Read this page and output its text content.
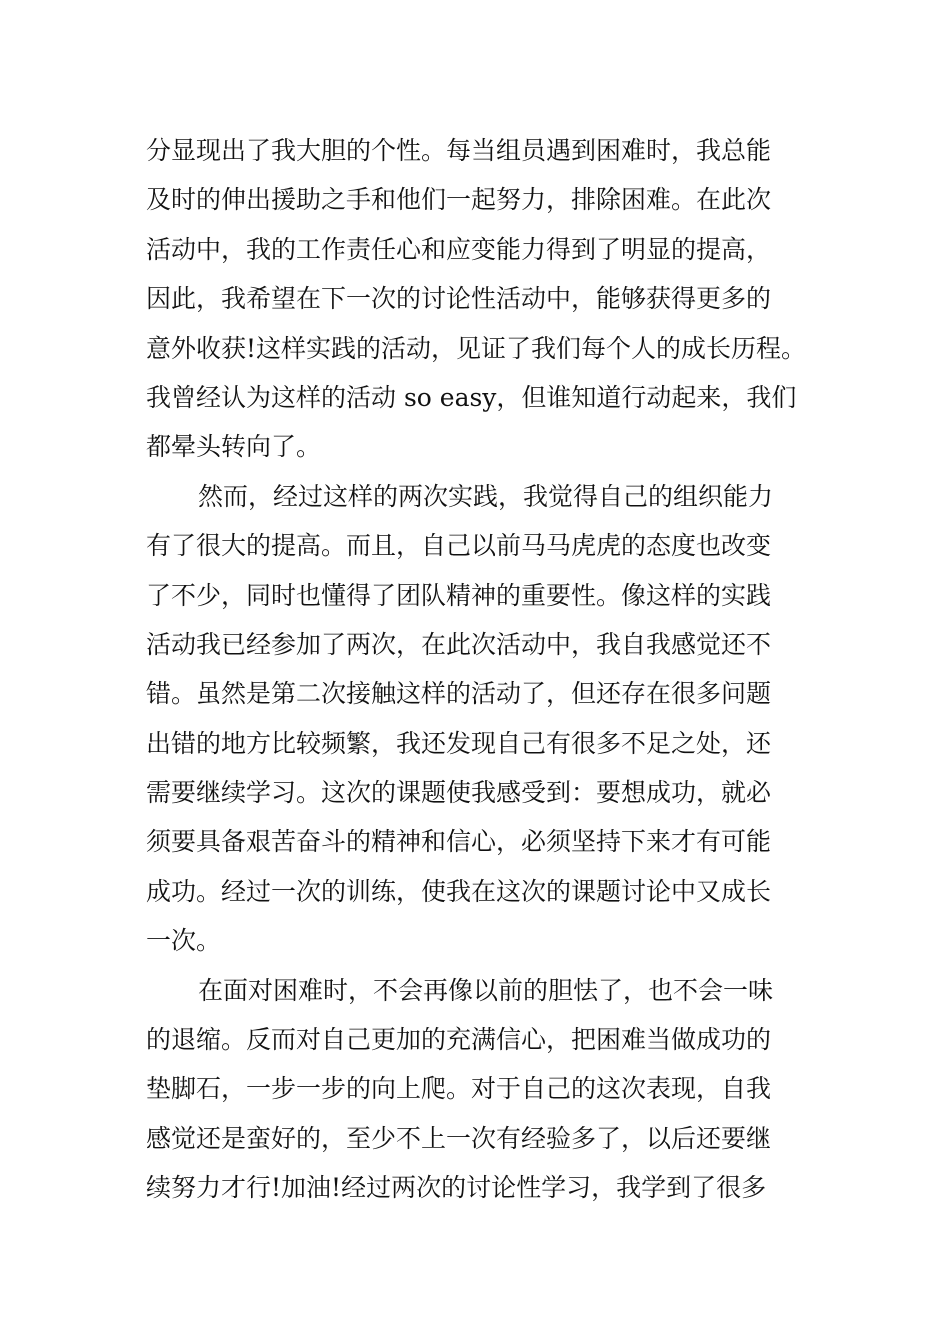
分显现出了我大胆的个性。每当组员遇到困难时，我总能
及时的伸出援助之手和他们一起努力，排除困难。在此次
活动中，我的工作责任心和应变能力得到了明显的提高，
因此，我希望在下一次的讨论性活动中，能够获得更多的
意外收获!这样实践的活动，见证了我们每个人的成长历程。
我曾经认为这样的活动 so easy，但谁知道行动起来，我们
都晕头转向了。
然而，经过这样的两次实践，我觉得自己的组织能力
有了很大的提高。而且，自己以前马马虎虎的态度也改变
了不少，同时也懂得了团队精神的重要性。像这样的实践
活动我已经参加了两次，在此次活动中，我自我感觉还不
错。虽然是第二次接触这样的活动了，但还存在很多问题
出错的地方比较频繁，我还发现自己有很多不足之处，还
需要继续学习。这次的课题使我感受到：要想成功，就必
须要具备艰苦奋斗的精神和信心，必须坚持下来才有可能
成功。经过一次的训练，使我在这次的课题讨论中又成长
一次。
在面对困难时，不会再像以前的胆怯了，也不会一味
的退缩。反而对自己更加的充满信心，把困难当做成功的
垫脚石，一步一步的向上爬。对于自己的这次表现，自我
感觉还是蛮好的，至少不上一次有经验多了，以后还要继
续努力才行!加油!经过两次的讨论性学习，我学到了很多
